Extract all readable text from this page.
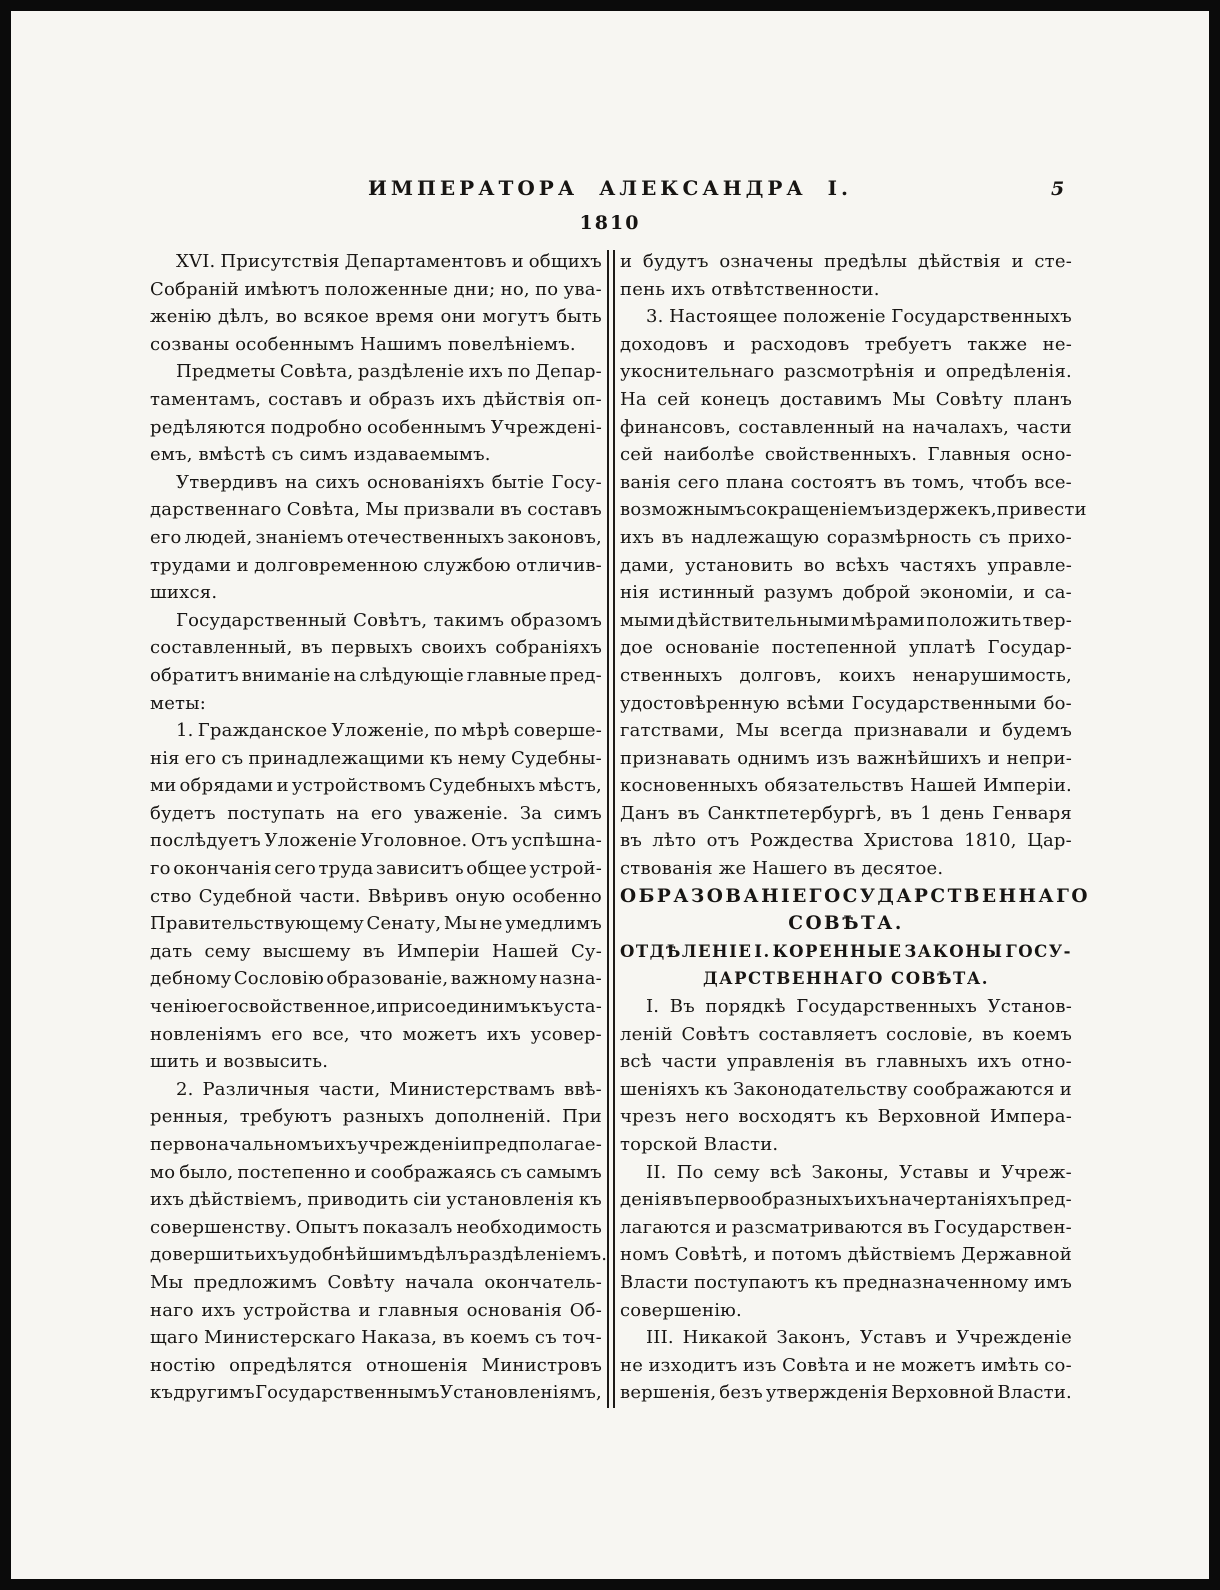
ИМПЕРАТОРА АЛЕКСАНДРА I.	5
1810
XVI. Присутствія Департаментовъ и общихъ
Собраній имѣютъ положенные дни; но, по ува-
женію дѣлъ, во всякое время они могутъ быть
созваны особеннымъ Нашимъ повелѣніемъ.
Предметы Совѣта, раздѣленіе ихъ по Депар-
таментамъ, составъ и образъ ихъ дѣйствія оп-
редѣляются подробно особеннымъ Учрежденi-
емъ, вмѣстѣ съ симъ издаваемымъ.
Утвердивъ на сихъ основаніяхъ бытіе Госу-
дарственнаго Совѣта, Мы призвали въ составъ
его людей, знаніемъ отечественныхъ законовъ,
трудами и долговременною службою отличив-
шихся.
Государственный Совѣтъ, такимъ образомъ
составленный, въ первыхъ своихъ собраніяхъ
обратитъ вниманіе на слѣдующіе главные пред-
меты:
1. Гражданское Уложеніе, по мѣрѣ соверше-
нія его съ принадлежащими къ нему Судебны-
ми обрядами и устройствомъ Судебныхъ мѣстъ,
будетъ поступать на его уваженіе. За симъ
послѣдуетъ Уложеніе Уголовное. Отъ успѣшна-
го окончанія сего труда зависитъ общее устрой-
ство Судебной части. Ввѣривъ оную особенно
Правительствующему Сенату, Мы не умедлимъ
дать сему высшему въ Имперіи Нашей Су-
дебному Сословію образованіе, важному назна-
ченію его свойственное, и присоединимъ къ уста-
новленіямъ его все, что можетъ ихъ усовер-
шить и возвысить.
2. Различныя части, Министерствамъ ввѣ-
ренныя, требуютъ разныхъ дополненій. При
первоначальномъ ихъ учрежденіи предполагае-
мо было, постепенно и соображаясь съ самымъ
ихъ дѣйствіемъ, приводить сіи установленія къ
совершенству. Опытъ показалъ необходимость
довершить ихъ удобнѣйшимъ дѣлъ раздѣленіемъ.
Мы предложимъ Совѣту начала окончатель-
наго ихъ устройства и главныя основанія Об-
щаго Министерскаго Наказа, въ коемъ съ точ-
ностію опредѣлятся отношенія Министровъ
къ другимъ Государственнымъ Установленіямъ,
и будутъ означены предѣлы дѣйствія и сте-
пень ихъ отвѣтственности.
3. Настоящее положеніе Государственныхъ
доходовъ и расходовъ требуетъ также не-
укоснительнаго разсмотрѣнія и опредѣленія.
На сей конецъ доставимъ Мы Совѣту планъ
финансовъ, составленный на началахъ, части
сей наиболѣе свойственныхъ. Главныя осно-
ванія сего плана состоятъ въ томъ, чтобъ все-
возможнымъ сокращеніемъ издержекъ, привести
ихъ въ надлежащую соразмѣрность съ прихо-
дами, установить во всѣхъ частяхъ управле-
нія истинный разумъ доброй экономіи, и са-
мыми дѣйствительными мѣрами положить твер-
дое основаніе постепенной уплатѣ Государ-
ственныхъ долговъ, коихъ ненарушимость,
удостовѣренную всѣми Государственными бо-
гатствами, Мы всегда признавали и будемъ
признавать однимъ изъ важнѣйшихъ и непри-
косновенныхъ обязательствъ Нашей Имперіи.
Данъ въ Санктпетербургѣ, въ 1 день Генваря
въ лѣто отъ Рождества Христова 1810, Цар-
ствованія же Нашего въ десятое.
ОБРАЗОВАНІЕ ГОСУДАРСТВЕННАГО
СОВѢТА.
ОТДѢЛЕНІЕ I. КОРЕННЫЕ ЗАКОНЫ ГОСУ-
ДАРСТВЕННАГО СОВѢТА.
I. Въ порядкѣ Государственныхъ Установ-
леній Совѣтъ составляетъ сословіе, въ коемъ
всѣ части управленія въ главныхъ ихъ отно-
шеніяхъ къ Законодательству соображаются и
чрезъ него восходятъ къ Верховной Импера-
торской Власти.
II. По сему всѣ Законы, Уставы и Учреж-
денія въ первообразныхъ ихъ начертаніяхъ пред-
лагаются и разсматриваются въ Государствен-
номъ Совѣтѣ, и потомъ дѣйствіемъ Державной
Власти поступаютъ къ предназначенному имъ
совершенію.
III. Никакой Законъ, Уставъ и Учрежденіе
не изходитъ изъ Совѣта и не можетъ имѣть со-
вершенія, безъ утвержденія Верховной Власти.
